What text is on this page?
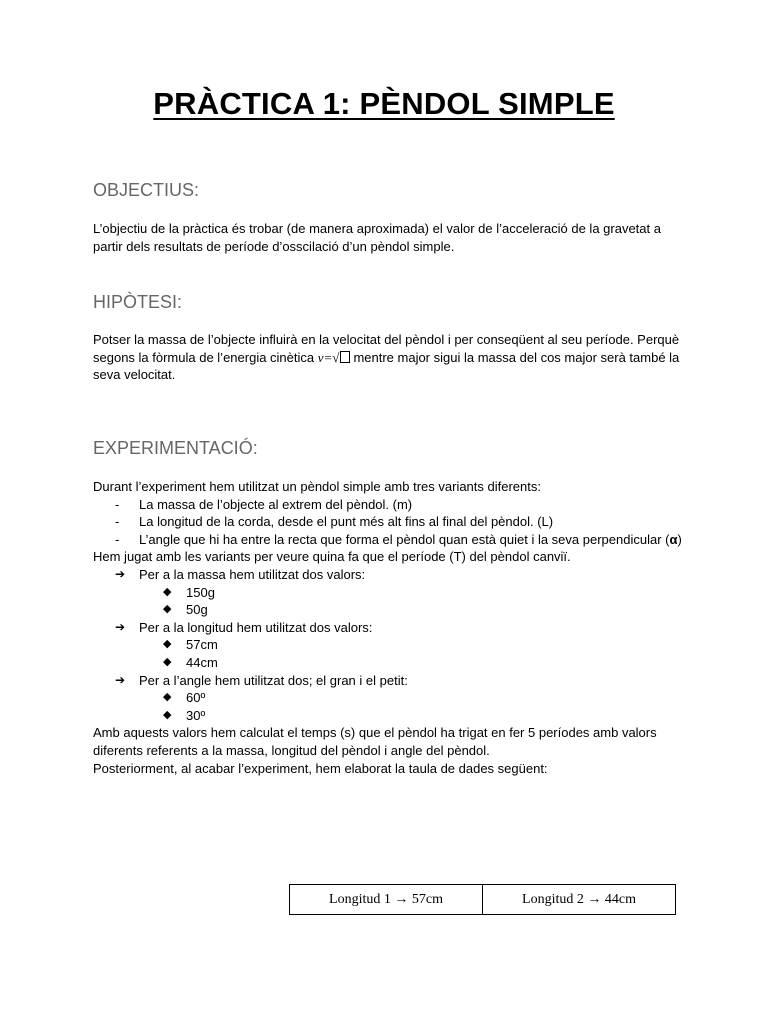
PRÀCTICA 1: PÈNDOL SIMPLE
OBJECTIUS:

L’objectiu de la pràctica és trobar (de manera aproximada) el valor de l’acceleració de la gravetat a partir dels resultats de període d’osscilació d’un pèndol simple.

HIPÒTESI:

Potser la massa de l’objecte influirà en la velocitat del pèndol i per conseqüent al seu període. Perquè segons la fòrmula de l’energia cinètica v=√ mentre major sigui la massa del cos major serà també la seva velocitat.

EXPERIMENTACIÓ:

Durant l’experiment hem utilitzat un pèndol simple amb tres variants diferents:

- La massa de l’objecte al extrem del pèndol. (m)
- La longitud de la corda, desde el punt més alt fins al final del pèndol. (L)
- L’angle que hi ha entre la recta que forma el pèndol quan està quiet i la seva perpendicular (α)

Hem jugat amb les variants per veure quina fa que el període (T) del pèndol canviï.

➔ Per a la massa hem utilitzat dos valors:
◆ 150g
◆ 50g
➔ Per a la longitud hem utilitzat dos valors:
◆ 57cm
◆ 44cm
➔ Per a l’angle hem utilitzat dos; el gran i el petit:
◆ 60º
◆ 30º

Amb aquests valors hem calculat el temps (s) que el pèndol ha trigat en fer 5 períodes amb valors diferents referents a la massa, longitud del pèndol i angle del pèndol.

Posteriorment, al acabar l’experiment, hem elaborat la taula de dades següent:

Longitud 1 → 57cm	Longitud 2 → 44cm
